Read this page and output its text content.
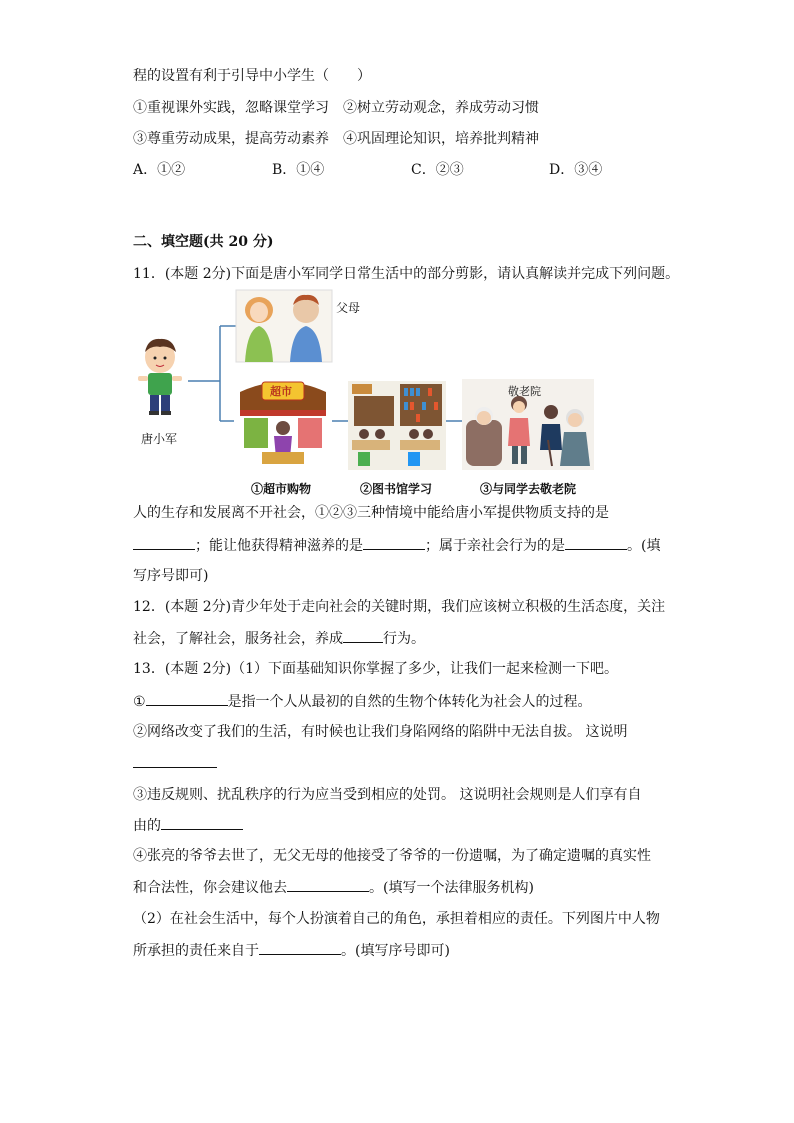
程的设置有利于引导中小学生（　　）
①重视课外实践，忽略课堂学习 ②树立劳动观念，养成劳动习惯
③尊重劳动成果，提高劳动素养 ④巩固理论知识，培养批判精神
A．①②	B．①④	C．②③	D．③④
二、填空题(共 20 分)
11．(本题 2分)下面是唐小军同学日常生活中的部分剪影，请认真解读并完成下列问题。
父母
唐小军
超市	敬老院
①超市购物	②图书馆学习	③与同学去敬老院
人的生存和发展离不开社会，①②③三种情境中能给唐小军提供物质支持的是
；能让他获得精神滋养的是	；属于亲社会行为的是	。(填
写序号即可)
12．(本题 2分)青少年处于走向社会的关键时期，我们应该树立积极的生活态度，关注
社会，了解社会，服务社会，养成	行为。
13．(本题 2分)（1）下面基础知识你掌握了多少，让我们一起来检测一下吧。
①	是指一个人从最初的自然的生物个体转化为社会人的过程。
②网络改变了我们的生活，有时候也让我们身陷网络的陷阱中无法自拔。 这说明
③违反规则、扰乱秩序的行为应当受到相应的处罚。 这说明社会规则是人们享有自
由的
④张亮的爷爷去世了，无父无母的他接受了爷爷的一份遗嘱，为了确定遗嘱的真实性
和合法性，你会建议他去	。(填写一个法律服务机构)
（2）在社会生活中，每个人扮演着自己的角色，承担着相应的责任。下列图片中人物
所承担的责任来自于	。(填写序号即可)
